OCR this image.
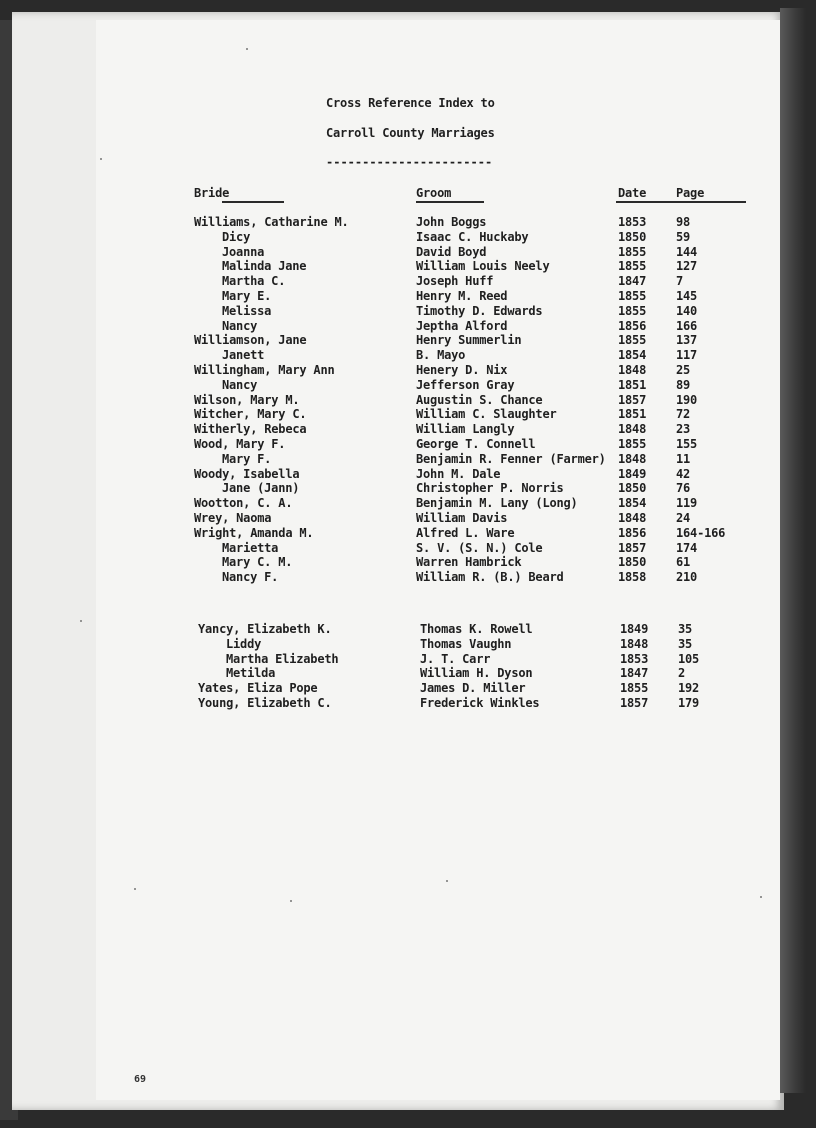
Cross Reference Index to
Carroll County Marriages
-----------------------
Bride	Groom	Date Page
Williams, Catharine M.	John Boggs	1853 98
Dicy	Isaac C. Huckaby	1850 59
Joanna	David Boyd	1855 144
Malinda Jane	William Louis Neely	1855 127
Martha C.	Joseph Huff	1847 7
Mary E.	Henry M. Reed	1855 145
Melissa	Timothy D. Edwards	1855 140
Nancy	Jeptha Alford	1856 166
Williamson, Jane	Henry Summerlin	1855 137
Janett	B. Mayo	1854 117
Willingham, Mary Ann	Henery D. Nix	1848 25
Nancy	Jefferson Gray	1851 89
Wilson, Mary M.	Augustin S. Chance	1857 190
Witcher, Mary C.	William C. Slaughter	1851 72
Witherly, Rebeca	William Langly	1848 23
Wood, Mary F.	George T. Connell	1855 155
Mary F.	Benjamin R. Fenner (Farmer) 1848 11
Woody, Isabella	John M. Dale	1849 42
Jane (Jann)	Christopher P. Norris	1850 76
Wootton, C. A.	Benjamin M. Lany (Long)	1854 119
Wrey, Naoma	William Davis	1848 24
Wright, Amanda M.	Alfred L. Ware	1856 164-166
Marietta	S. V. (S. N.) Cole	1857 174
Mary C. M.	Warren Hambrick	1850 61
Nancy F.	William R. (B.) Beard	1858 210
Yancy, Elizabeth K.	Thomas K. Rowell	1849 35
Liddy	Thomas Vaughn	1848 35
Martha Elizabeth	J. T. Carr	1853 105
Metilda	William H. Dyson	1847 2
Yates, Eliza Pope	James D. Miller	1855 192
Young, Elizabeth C.	Frederick Winkles	1857 179
69
